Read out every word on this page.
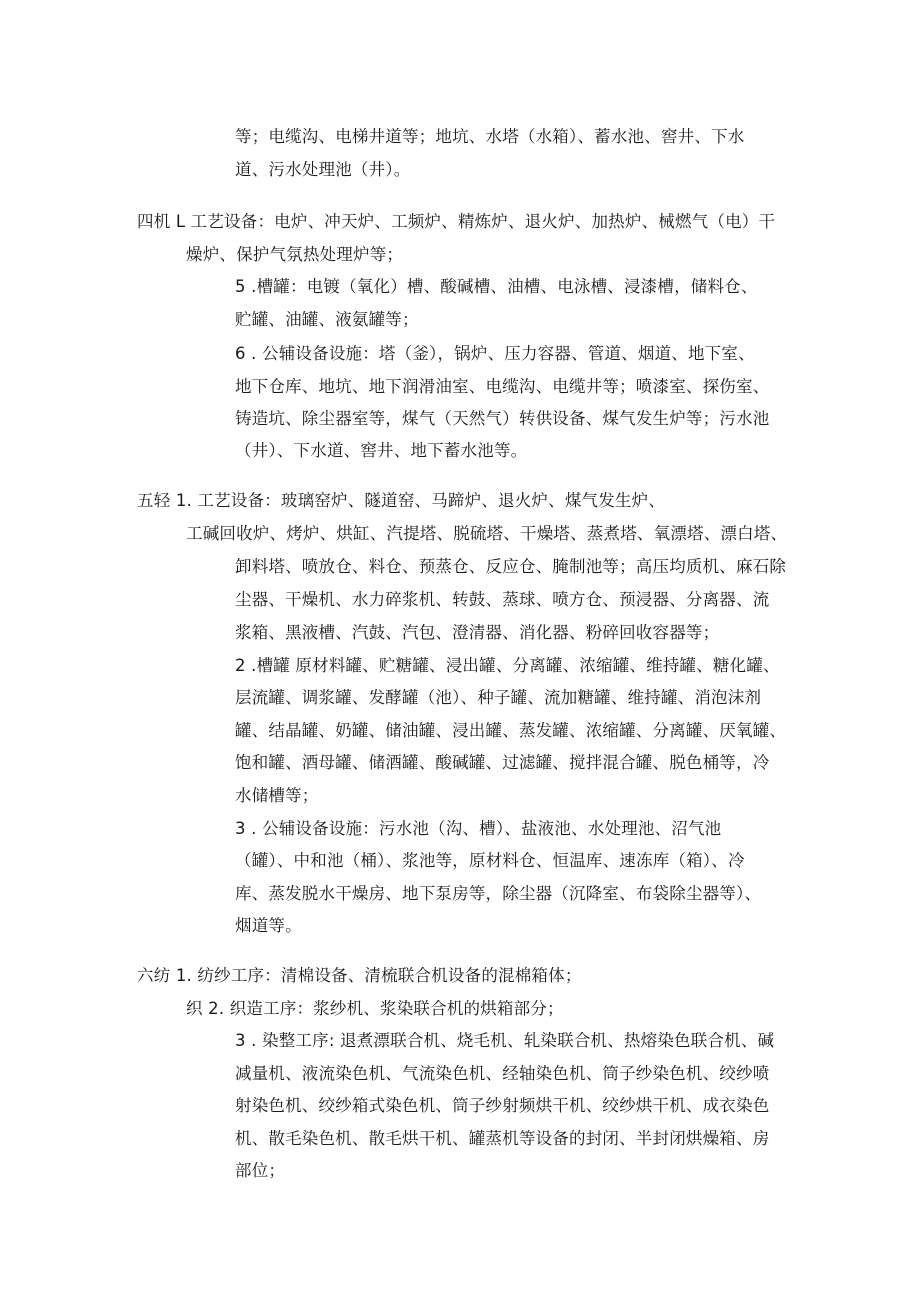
等；电缆沟、电梯井道等；地坑、水塔（水箱）、蓄水池、窖井、下水
道、污水处理池（井）。
四机 L 工艺设备：电炉、冲天炉、工频炉、精炼炉、退火炉、加热炉、械燃气（电）干
燥炉、保护气氛热处理炉等；
5 .槽罐：电镀（氧化）槽、酸碱槽、油槽、电泳槽、浸漆槽，储料仓、
贮罐、油罐、液氨罐等；
6 . 公辅设备设施：塔（釜），锅炉、压力容器、管道、烟道、地下室、
地下仓库、地坑、地下润滑油室、电缆沟、电缆井等；喷漆室、探伤室、
铸造坑、除尘器室等，煤气（天然气）转供设备、煤气发生炉等；污水池
（井）、下水道、窖井、地下蓄水池等。
五轻 1. 工艺设备：玻璃窑炉、隧道窑、马蹄炉、退火炉、煤气发生炉、
工碱回收炉、烤炉、烘缸、汽提塔、脱硫塔、干燥塔、蒸煮塔、氧漂塔、漂白塔、
卸料塔、喷放仓、料仓、预蒸仓、反应仓、腌制池等；高压均质机、麻石除
尘器、干燥机、水力碎浆机、转鼓、蒸球、喷方仓、预浸器、分离器、流
浆箱、黑液槽、汽鼓、汽包、澄清器、消化器、粉碎回收容器等；
2 .槽罐 原材料罐、贮糖罐、浸出罐、分离罐、浓缩罐、维持罐、糖化罐、
层流罐、调浆罐、发酵罐（池）、种子罐、流加糖罐、维持罐、消泡沫剂
罐、结晶罐、奶罐、储油罐、浸出罐、蒸发罐、浓缩罐、分离罐、厌氧罐、
饱和罐、酒母罐、储酒罐、酸碱罐、过滤罐、搅拌混合罐、脱色桶等，冷
水储槽等；
3 . 公辅设备设施：污水池（沟、槽）、盐液池、水处理池、沼气池
（罐）、中和池（桶）、浆池等，原材料仓、恒温库、速冻库（箱）、冷
库、蒸发脱水干燥房、地下泵房等，除尘器（沉降室、布袋除尘器等）、
烟道等。
六纺 1. 纺纱工序：清棉设备、清梳联合机设备的混棉箱体；
织 2. 织造工序：浆纱机、浆染联合机的烘箱部分；
3 . 染整工序: 退煮漂联合机、烧毛机、轧染联合机、热熔染色联合机、碱
减量机、液流染色机、气流染色机、经轴染色机、筒子纱染色机、绞纱喷
射染色机、绞纱箱式染色机、筒子纱射频烘干机、绞纱烘干机、成衣染色
机、散毛染色机、散毛烘干机、罐蒸机等设备的封闭、半封闭烘燥箱、房
部位；
